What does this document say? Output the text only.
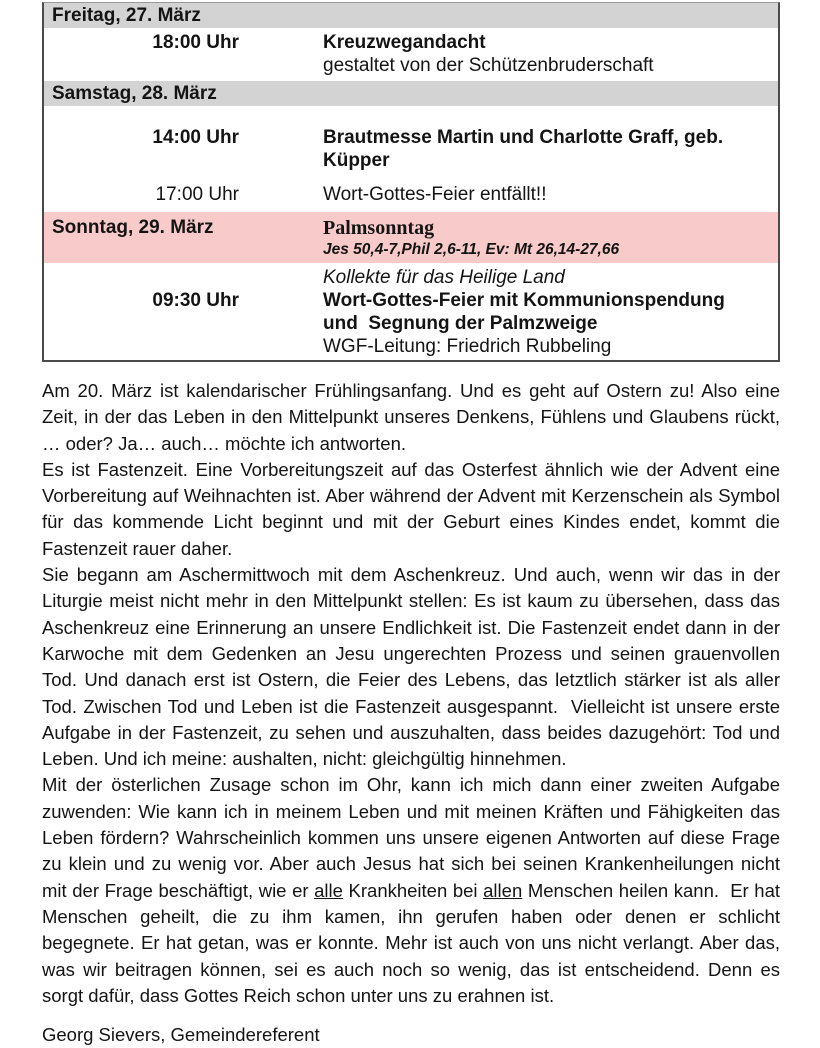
Freitag, 27. März
18:00 Uhr	Kreuzwegandacht
gestaltet von der Schützenbruderschaft
Samstag, 28. März
14:00 Uhr	Brautmesse Martin und Charlotte Graff, geb. Küpper
17:00 Uhr	Wort-Gottes-Feier entfällt!!
Sonntag, 29. März	Palmsonntag
Jes 50,4-7,Phil 2,6-11, Ev: Mt 26,14-27,66
Kollekte für das Heilige Land
09:30 Uhr	Wort-Gottes-Feier mit Kommunionspendung
und  Segnung der Palmzweige
WGF-Leitung: Friedrich Rubbeling

Am 20. März ist kalendarischer Frühlingsanfang. Und es geht auf Ostern zu! Also eine Zeit, in der das Leben in den Mittelpunkt unseres Denkens, Fühlens und Glaubens rückt, … oder? Ja… auch… möchte ich antworten.

Es ist Fastenzeit. Eine Vorbereitungszeit auf das Osterfest ähnlich wie der Advent eine Vorbereitung auf Weihnachten ist. Aber während der Advent mit Kerzenschein als Symbol für das kommende Licht beginnt und mit der Geburt eines Kindes endet, kommt die Fastenzeit rauer daher.

Sie begann am Aschermittwoch mit dem Aschenkreuz. Und auch, wenn wir das in der Liturgie meist nicht mehr in den Mittelpunkt stellen: Es ist kaum zu übersehen, dass das Aschenkreuz eine Erinnerung an unsere Endlichkeit ist. Die Fastenzeit endet dann in der Karwoche mit dem Gedenken an Jesu ungerechten Prozess und seinen grauenvollen Tod. Und danach erst ist Ostern, die Feier des Lebens, das letztlich stärker ist als aller Tod. Zwischen Tod und Leben ist die Fastenzeit ausgespannt.  Vielleicht ist unsere erste Aufgabe in der Fastenzeit, zu sehen und auszuhalten, dass beides dazugehört: Tod und Leben. Und ich meine: aushalten, nicht: gleichgültig hinnehmen.

Mit der österlichen Zusage schon im Ohr, kann ich mich dann einer zweiten Aufgabe zuwenden: Wie kann ich in meinem Leben und mit meinen Kräften und Fähigkeiten das Leben fördern? Wahrscheinlich kommen uns unsere eigenen Antworten auf diese Frage zu klein und zu wenig vor. Aber auch Jesus hat sich bei seinen Krankenheilungen nicht mit der Frage beschäftigt, wie er alle Krankheiten bei allen Menschen heilen kann.  Er hat Menschen geheilt, die zu ihm kamen, ihn gerufen haben oder denen er schlicht begegnete. Er hat getan, was er konnte. Mehr ist auch von uns nicht verlangt. Aber das, was wir beitragen können, sei es auch noch so wenig, das ist entscheidend. Denn es sorgt dafür, dass Gottes Reich schon unter uns zu erahnen ist.

Georg Sievers, Gemeindereferent
